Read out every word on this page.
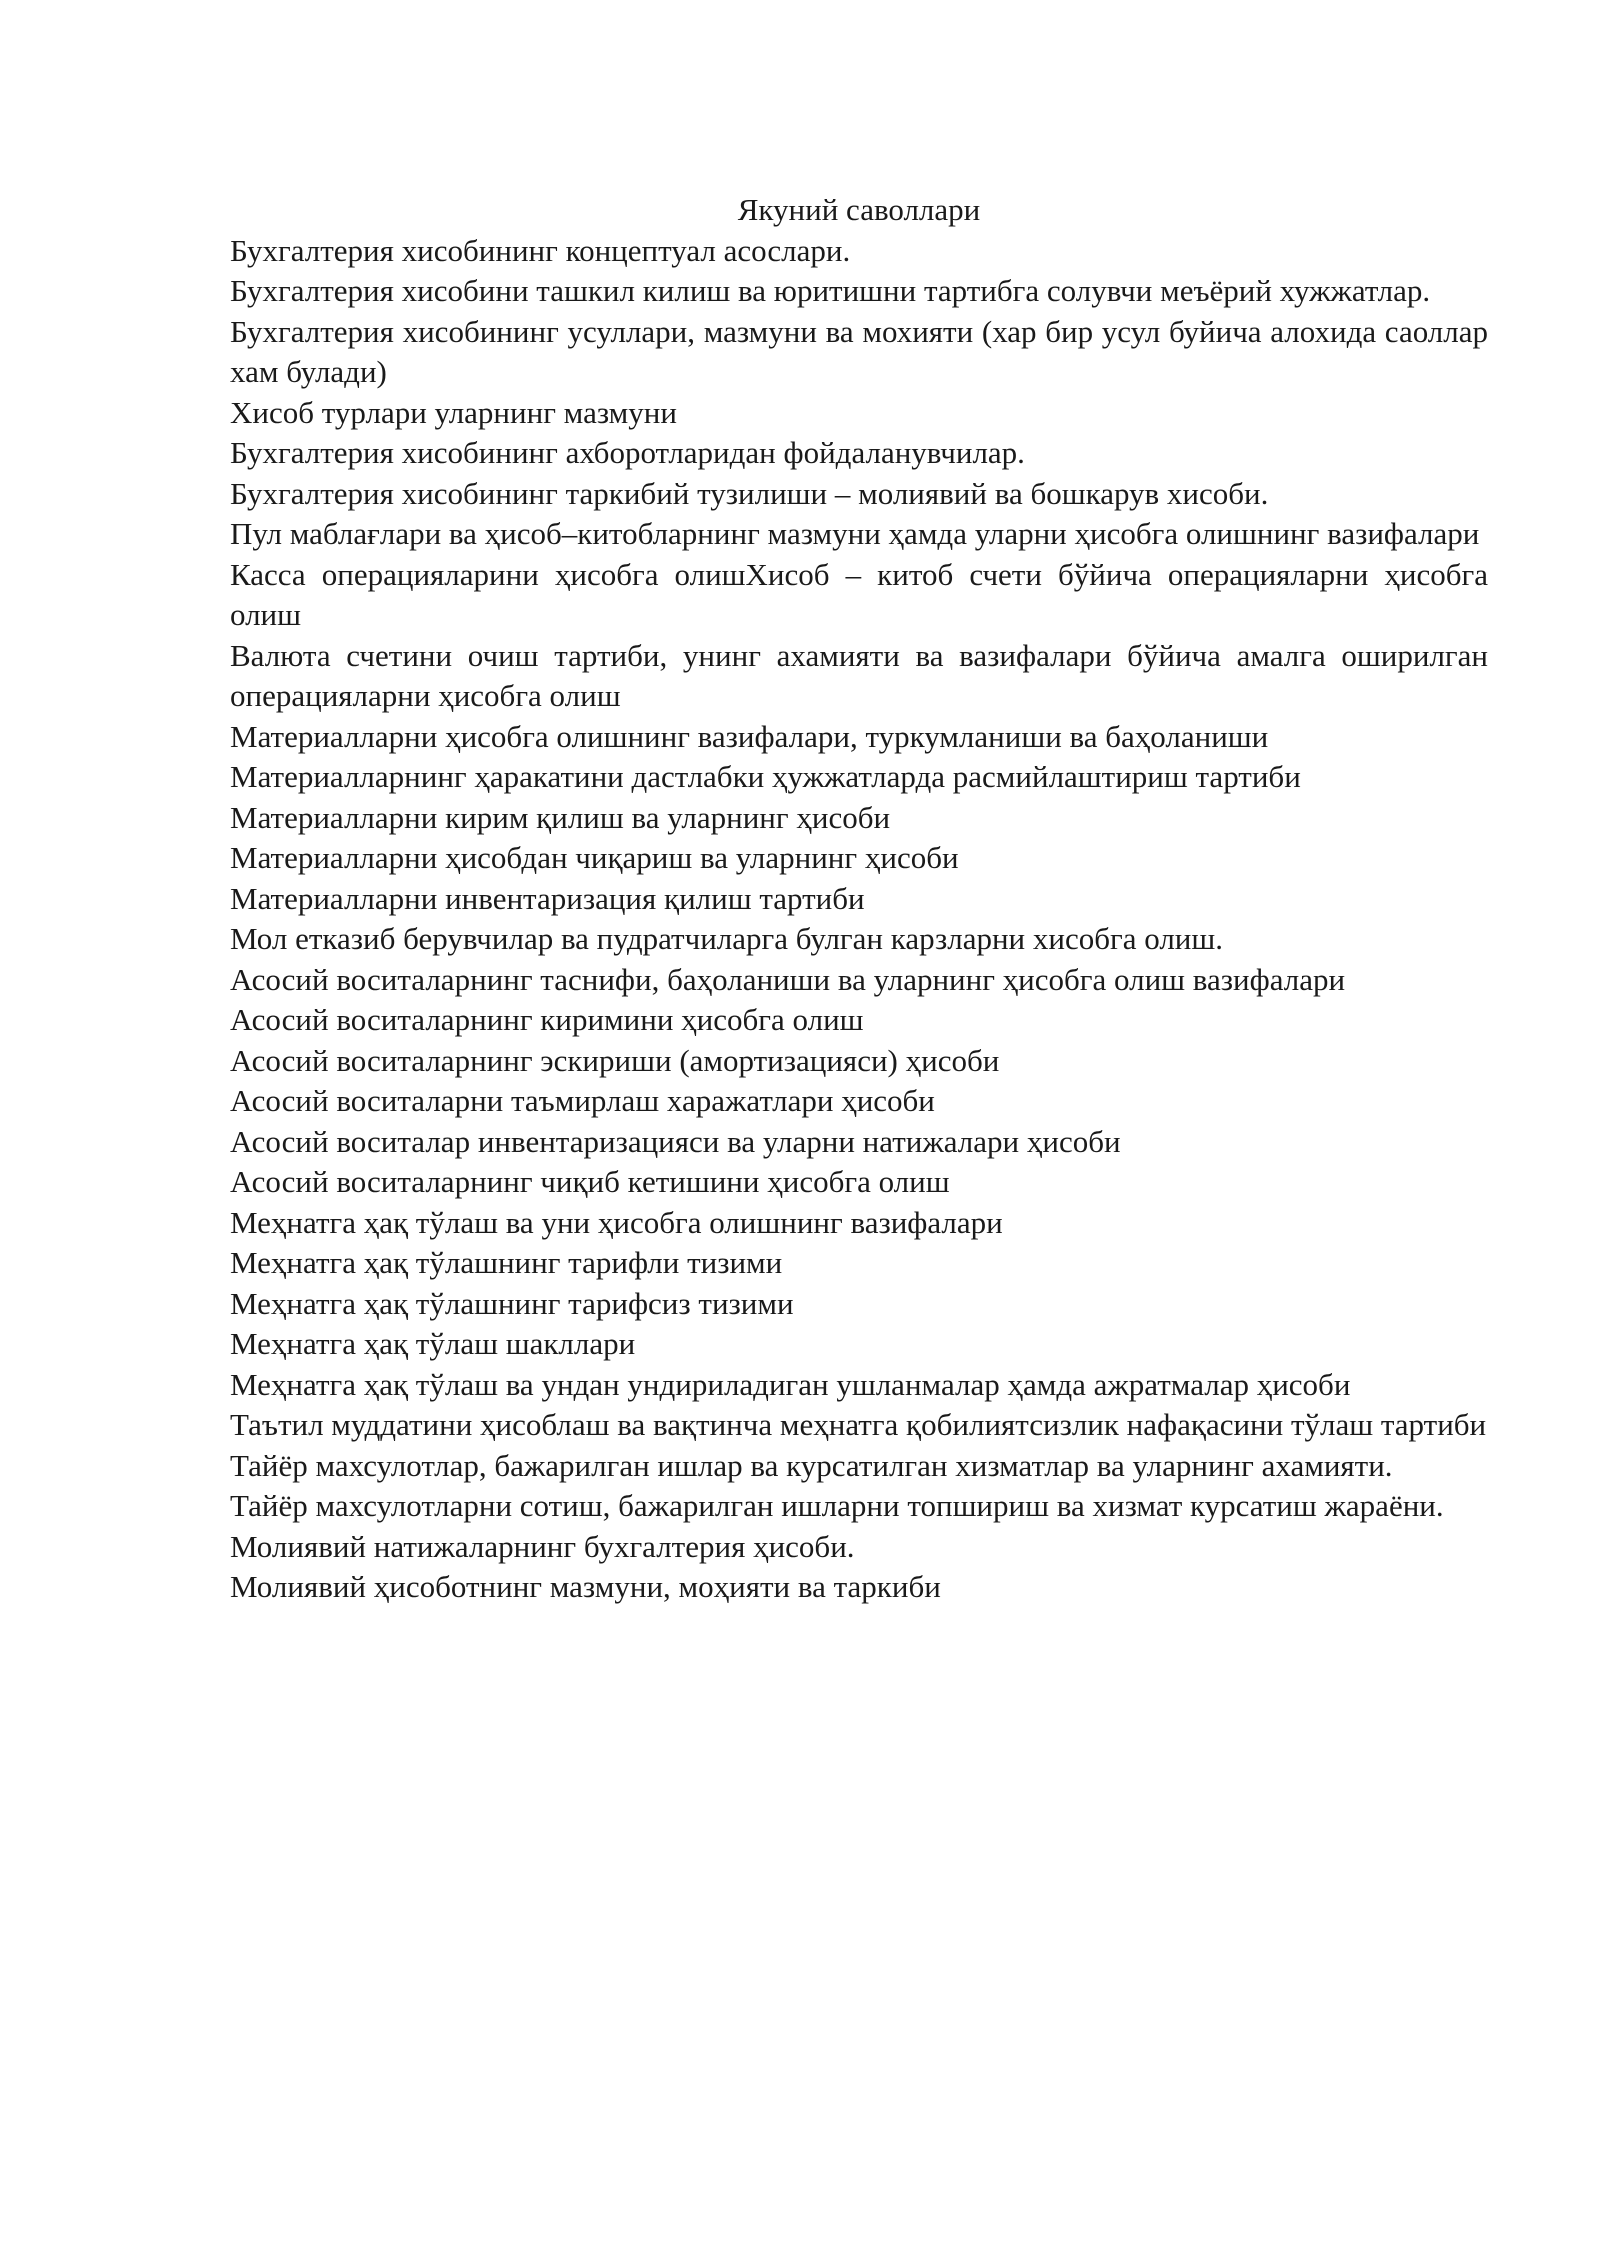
Якуний саволлари
Бухгалтерия хисобининг концептуал асослари.
Бухгалтерия хисобини ташкил килиш ва юритишни тартибга солувчи меъёрий хужжатлар.
Бухгалтерия хисобининг усуллари, мазмуни ва мохияти (хар бир усул буйича алохида саоллар хам булади)
Хисоб турлари уларнинг мазмуни
Бухгалтерия хисобининг ахборотларидан фойдаланувчилар.
Бухгалтерия хисобининг таркибий тузилиши – молиявий ва бошкарув хисоби.
Пул маблағлари ва ҳисоб–китобларнинг мазмуни ҳамда уларни ҳисобга олишнинг вазифалари
Касса операцияларини ҳисобга олишХисоб – китоб счети бўйича операцияларни ҳисобга олиш
Валюта счетини очиш тартиби, унинг ахамияти ва вазифалари бўйича амалга оширилган операцияларни ҳисобга олиш
Материалларни ҳисобга олишнинг вазифалари, туркумланиши ва баҳоланиши
Материалларнинг ҳаракатини дастлабки ҳужжатларда расмийлаштириш тартиби
Материалларни кирим қилиш ва уларнинг ҳисоби
Материалларни ҳисобдан чиқариш ва уларнинг ҳисоби
Материалларни инвентаризация қилиш тартиби
Мол етказиб берувчилар ва пудратчиларга булган карзларни хисобга олиш.
Асосий воситаларнинг таснифи, баҳоланиши ва уларнинг ҳисобга олиш вазифалари
Асосий воситаларнинг киримини ҳисобга олиш
Асосий воситаларнинг эскириши (амортизацияси) ҳисоби
Асосий воситаларни таъмирлаш харажатлари ҳисоби
Асосий воситалар инвентаризацияси ва уларни натижалари ҳисоби
Асосий воситаларнинг чиқиб кетишини ҳисобга олиш
Меҳнатга ҳақ тўлаш ва уни ҳисобга олишнинг вазифалари
Меҳнатга ҳақ тўлашнинг тарифли тизими
Меҳнатга ҳақ тўлашнинг тарифсиз тизими
Меҳнатга ҳақ тўлаш шакллари
Меҳнатга ҳақ тўлаш ва ундан ундириладиган ушланмалар ҳамда ажратмалар ҳисоби
Таътил муддатини ҳисоблаш ва вақтинча меҳнатга қобилиятсизлик нафақасини тўлаш тартиби
Тайёр махсулотлар, бажарилган ишлар ва курсатилган хизматлар ва уларнинг ахамияти.
Тайёр махсулотларни сотиш, бажарилган ишларни топшириш ва хизмат курсатиш жараёни.
Молиявий натижаларнинг бухгалтерия ҳисоби.
Молиявий ҳисоботнинг мазмуни, моҳияти ва таркиби
